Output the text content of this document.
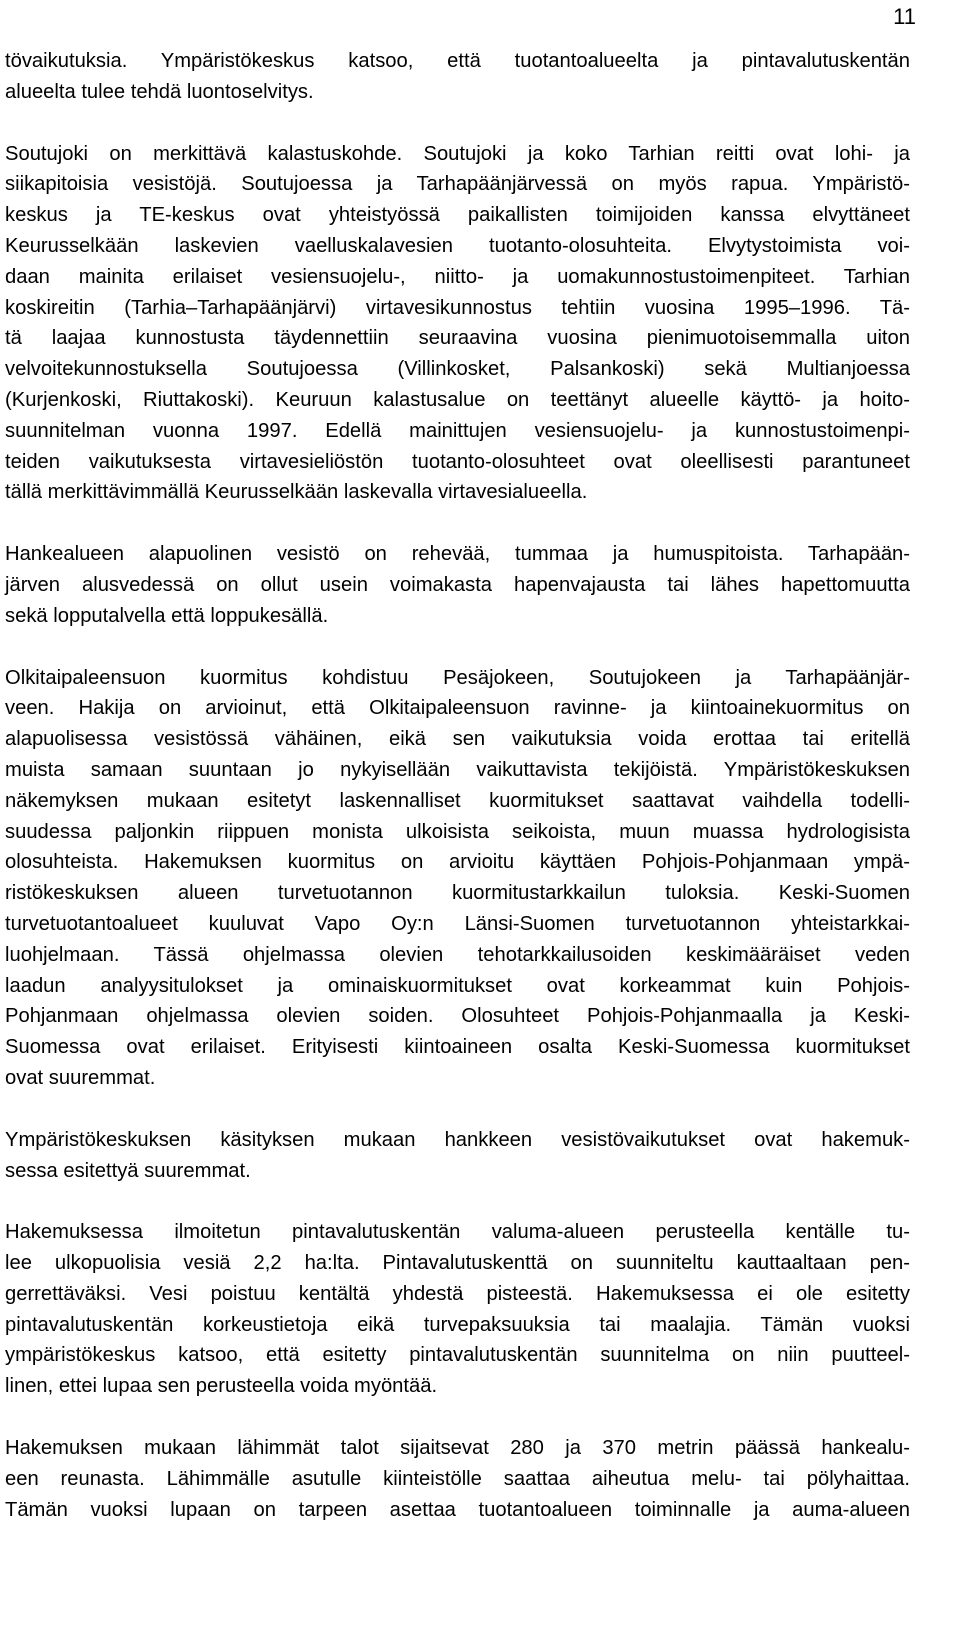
11
tövaikutuksia. Ympäristökeskus katsoo, että tuotantoalueelta ja pintavalutuskentän
alueelta tulee tehdä luontoselvitys.
Soutujoki on merkittävä kalastuskohde. Soutujoki ja koko Tarhian reitti ovat lohi- ja
siikapitoisia vesistöjä. Soutujoessa ja Tarhapäänjärvessä on myös rapua. Ympäristö-
keskus ja TE-keskus ovat yhteistyössä paikallisten toimijoiden kanssa elvyttäneet
Keurusselkään laskevien vaelluskalavesien tuotanto-olosuhteita. Elvytystoimista voi-
daan mainita erilaiset vesiensuojelu-, niitto- ja uomakunnostustoimenpiteet. Tarhian
koskireitin (Tarhia–Tarhapäänjärvi) virtavesikunnostus tehtiin vuosina 1995–1996. Tä-
tä laajaa kunnostusta täydennettiin seuraavina vuosina pienimuotoisemmalla uiton
velvoitekunnostuksella Soutujoessa (Villinkosket, Palsankoski) sekä Multianjoessa
(Kurjenkoski, Riuttakoski). Keuruun kalastusalue on teettänyt alueelle käyttö- ja hoito-
suunnitelman vuonna 1997. Edellä mainittujen vesiensuojelu- ja kunnostustoimenpi-
teiden vaikutuksesta virtavesieliöstön tuotanto-olosuhteet ovat oleellisesti parantuneet
tällä merkittävimmällä Keurusselkään laskevalla virtavesialueella.
Hankealueen alapuolinen vesistö on rehevää, tummaa ja humuspitoista. Tarhapään-
järven alusvedessä on ollut usein voimakasta hapenvajausta tai lähes hapettomuutta
sekä lopputalvella että loppukesällä.
Olkitaipaleensuon kuormitus kohdistuu Pesäjokeen, Soutujokeen ja Tarhapäänjär-
veen. Hakija on arvioinut, että Olkitaipaleensuon ravinne- ja kiintoainekuormitus on
alapuolisessa vesistössä vähäinen, eikä sen vaikutuksia voida erottaa tai eritellä
muista samaan suuntaan jo nykyisellään vaikuttavista tekijöistä. Ympäristökeskuksen
näkemyksen mukaan esitetyt laskennalliset kuormitukset saattavat vaihdella todelli-
suudessa paljonkin riippuen monista ulkoisista seikoista, muun muassa hydrologisista
olosuhteista. Hakemuksen kuormitus on arvioitu käyttäen Pohjois-Pohjanmaan ympä-
ristökeskuksen alueen turvetuotannon kuormitustarkkailun tuloksia. Keski-Suomen
turvetuotantoalueet kuuluvat Vapo Oy:n Länsi-Suomen turvetuotannon yhteistarkkai-
luohjelmaan. Tässä ohjelmassa olevien tehotarkkailusoiden keskimääräiset veden
laadun analyysitulokset ja ominaiskuormitukset ovat korkeammat kuin Pohjois-
Pohjanmaan ohjelmassa olevien soiden. Olosuhteet Pohjois-Pohjanmaalla ja Keski-
Suomessa ovat erilaiset. Erityisesti kiintoaineen osalta Keski-Suomessa kuormitukset
ovat suuremmat.
Ympäristökeskuksen käsityksen mukaan hankkeen vesistövaikutukset ovat hakemuk-
sessa esitettyä suuremmat.
Hakemuksessa ilmoitetun pintavalutuskentän valuma-alueen perusteella kentälle tu-
lee ulkopuolisia vesiä 2,2 ha:lta. Pintavalutuskenttä on suunniteltu kauttaaltaan pen-
gerrettäväksi. Vesi poistuu kentältä yhdestä pisteestä. Hakemuksessa ei ole esitetty
pintavalutuskentän korkeustietoja eikä turvepaksuuksia tai maalajia. Tämän vuoksi
ympäristökeskus katsoo, että esitetty pintavalutuskentän suunnitelma on niin puutteel-
linen, ettei lupaa sen perusteella voida myöntää.
Hakemuksen mukaan lähimmät talot sijaitsevat 280 ja 370 metrin päässä hankealu-
een reunasta. Lähimmälle asutulle kiinteistölle saattaa aiheutua melu- tai pölyhaittaa.
Tämän vuoksi lupaan on tarpeen asettaa tuotantoalueen toiminnalle ja auma-alueen
